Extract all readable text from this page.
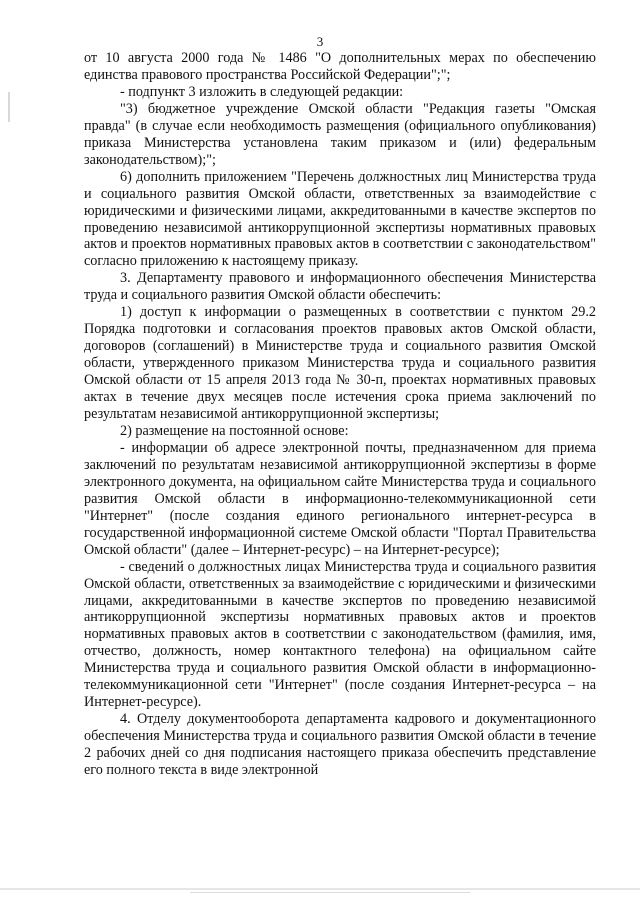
3

от 10 августа 2000 года № 1486 "О дополнительных мерах по обеспечению единства правового пространства Российской Федерации";";

- подпункт 3 изложить в следующей редакции:

"3) бюджетное учреждение Омской области "Редакция газеты "Омская правда" (в случае если необходимость размещения (официального опубликования) приказа Министерства установлена таким приказом и (или) федеральным законодательством);";

6) дополнить приложением "Перечень должностных лиц Министерства труда и социального развития Омской области, ответственных за взаимодействие с юридическими и физическими лицами, аккредитованными в качестве экспертов по проведению независимой антикоррупционной экспертизы нормативных правовых актов и проектов нормативных правовых актов в соответствии с законодательством" согласно приложению к настоящему приказу.

3. Департаменту правового и информационного обеспечения Министерства труда и социального развития Омской области обеспечить:

1) доступ к информации о размещенных в соответствии с пунктом 29.2 Порядка подготовки и согласования проектов правовых актов Омской области, договоров (соглашений) в Министерстве труда и социального развития Омской области, утвержденного приказом Министерства труда и социального развития Омской области от 15 апреля 2013 года № 30-п, проектах нормативных правовых актах в течение двух месяцев после истечения срока приема заключений по результатам независимой антикоррупционной экспертизы;

2) размещение на постоянной основе:

- информации об адресе электронной почты, предназначенном для приема заключений по результатам независимой антикоррупционной экспертизы в форме электронного документа, на официальном сайте Министерства труда и социального развития Омской области в информационно-телекоммуникационной сети "Интернет" (после создания единого регионального интернет-ресурса в государственной информационной системе Омской области "Портал Правительства Омской области" (далее – Интернет-ресурс) – на Интернет-ресурсе);

- сведений о должностных лицах Министерства труда и социального развития Омской области, ответственных за взаимодействие с юридическими и физическими лицами, аккредитованными в качестве экспертов по проведению независимой антикоррупционной экспертизы нормативных правовых актов и проектов нормативных правовых актов в соответствии с законодательством (фамилия, имя, отчество, должность, номер контактного телефона) на официальном сайте Министерства труда и социального развития Омской области в информационно-телекоммуникационной сети "Интернет" (после создания Интернет-ресурса – на Интернет-ресурсе).

4. Отделу документооборота департамента кадрового и документационного обеспечения Министерства труда и социального развития Омской области в течение 2 рабочих дней со дня подписания настоящего приказа обеспечить представление его полного текста в виде электронной
